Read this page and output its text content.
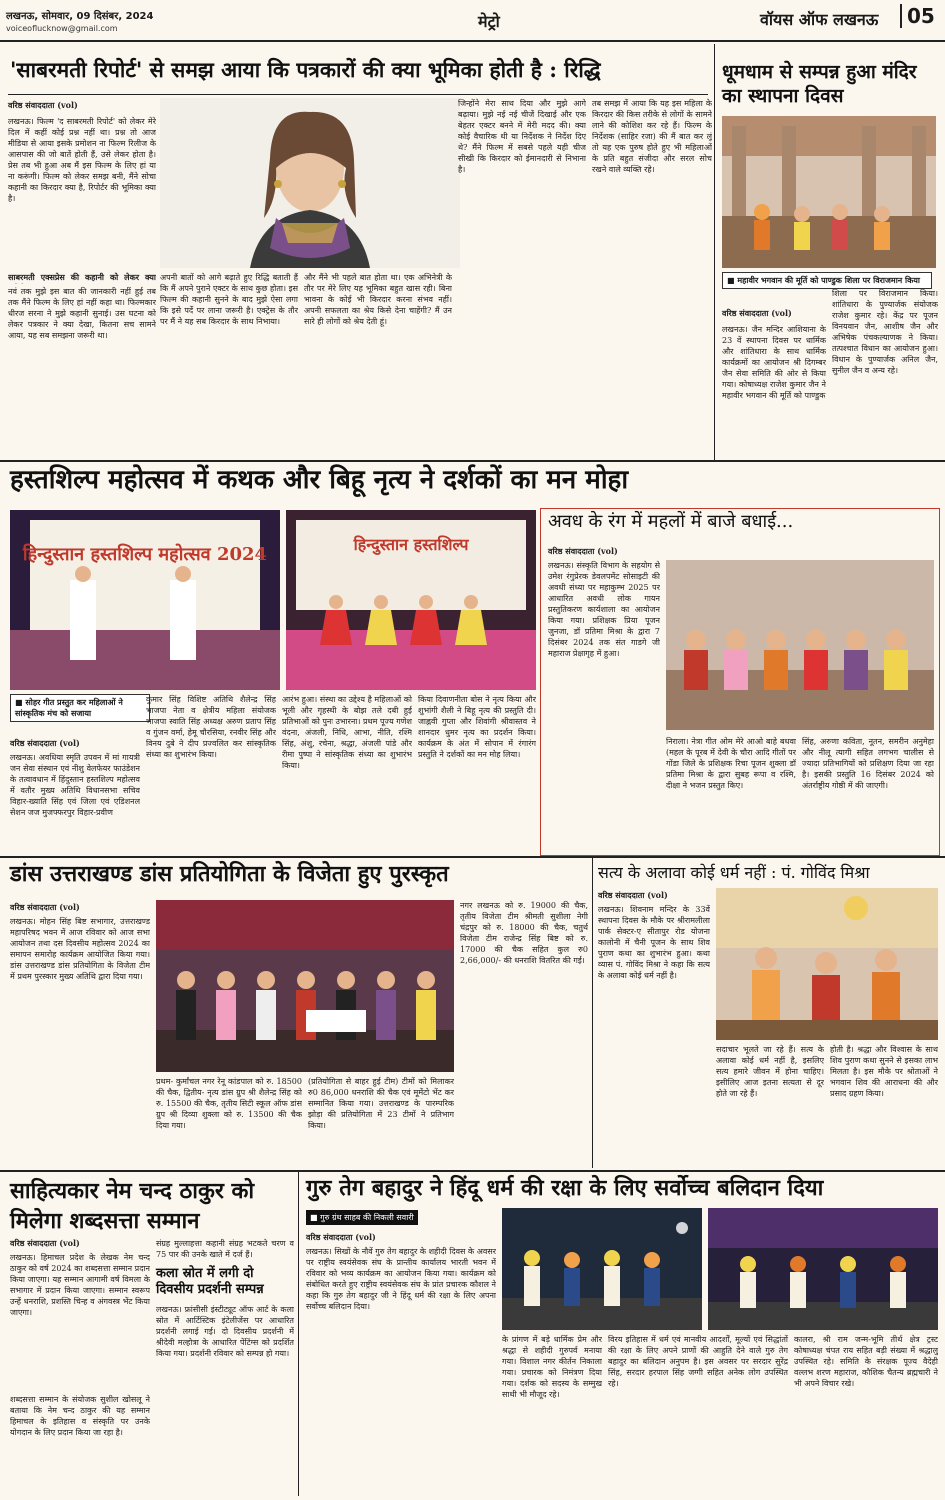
लखनऊ, सोमवार, 09 दिसंबर, 2024
voiceoflucknow@gmail.com	मेट्रो	वॉयस ऑफ लखनऊ	05
'साबरमती रिपोर्ट' से समझ आया कि पत्रकारों की क्या भूमिका होती है : रिद्धि
वरिष्ठ संवाददाता (vol)
लखनऊ। फिल्म 'द साबरमती रिपोर्ट' को लेकर मेरे दिल में कहीं कोई प्रश्न नहीं था। प्रश्न तो आज मीडिया से आया इसके प्रमोशन ना फिल्म रिलीज के आसपास की जो बातें होती हैं, उसे लेकर होता है। प्रेस तब भी हुआ अब मैं इस फिल्म के लिए हां या ना करूंगी। फिल्म को लेकर समझ बनी, मैंने सोचा कहानी का किरदार क्या है, रिपोर्टर की भूमिका क्या है।
साबरमती एक्सप्रेस की कहानी को लेकर क्या
नवं तक मुझे इस बात की जानकारी नहीं हुई तब तक मैंने फिल्म के लिए हां नहीं कहा था। फिल्मकार धीरज सरना ने मुझे कहानी सुनाई। उस घटना को लेकर पत्रकार ने क्या देखा, कितना सच सामने आया, यह सब समझना जरूरी था।
अपनी बातों को आगे बढ़ाते हुए रिद्धि बताती हैं कि मैं अपने पुराने एक्टर के साथ कुछ होता। इस फिल्म की कहानी सुनने के बाद मुझे ऐसा लगा कि इसे पर्दे पर लाना जरूरी है। एक्ट्रेस के तौर पर मैं ने यह सब किरदार के साथ निभाया।
और मैंने भी पहले बात होता था। एक अभिनेत्री के तौर पर मेरे लिए यह भूमिका बहुत खास रही। बिना भावना के कोई भी किरदार करना संभव नहीं। अपनी सफलता का श्रेय किसे देना चाहेंगी? मैं उन सारे ही लोगों को श्रेय देती हूं।
जिन्होंने मेरा साथ दिया और मुझे आगे बढ़ाया। मुझे नई नई चीजें दिखाई और एक बेहतर एक्टर बनने में मेरी मदद की। क्या कोई वैचारिक थी या निर्देशक ने निर्देश दिए थे? मैंने फिल्म में सबसे पहले यही चीज सीखी कि किरदार को ईमानदारी से निभाना है।
तब समझ में आया कि यह इस महिला के किरदार की किस तरीके से लोगों के सामने लाने की कोशिश कर रहे हैं। फिल्म के निर्देशक (साहिर रजा) की मैं बात कर लूं तो यह एक पुरुष होते हुए भी महिलाओं के प्रति बहुत संजीदा और सरल सोच रखने वाले व्यक्ति रहे।
धूमधाम से सम्पन्न हुआ मंदिर का स्थापना दिवस
■ महावीर भगवान की मूर्ति को पाण्डुक शिला पर विराजमान किया
वरिष्ठ संवाददाता (vol)
लखनऊ। जैन मन्दिर आशियाना के 23 वें स्थापना दिवस पर धार्मिक और शांतिधारा के साथ धार्मिक कार्यक्रमों का आयोजन श्री दिगम्बर जैन सेवा समिति की ओर से किया गया। कोषाध्यक्ष राजेश कुमार जैन ने महावीर भगवान की मूर्ति को पाण्डुक
शिला पर विराजमान किया। शांतिधारा के पुण्यार्जक संयोजक राजेश कुमार रहे। केंद्र पर पूजन विनयवान जैन, आशीष जैन और अभिषेक पंचकल्याणक ने किया। तत्पश्चात विधान का आयोजन हुआ। विधान के पुण्यार्जक अनिल जैन, सुनील जैन व अन्य रहे।
हस्तशिल्प महोत्सव में कथक और बिहू नृत्य ने दर्शकों का मन मोहा
हिन्दुस्तान हस्तशिल्प महोत्सव 2024	हिन्दुस्तान हस्तशिल्प
■ सोहर गीत प्रस्तुत कर महिलाओं ने सांस्कृतिक मंच को सजाया
वरिष्ठ संवाददाता (vol)
लखनऊ। अवधिया स्मृति उपवन में मां गायत्री जन सेवा संस्थान एवं नीशु वेलफेयर फाउंडेशन के तत्वावधान में हिंदुस्तान हस्तशिल्प महोत्सव में वतौर मुख्य अतिथि विधानसभा सचिव विहार-ख्याति सिंह एवं जिला एवं एडिशनल सेशन जज मुजफ्फरपुर विहार-प्रवीण
कुमार सिंह विशिष्ट अतिथि शैलेन्द्र सिंह भाजपा नेता व क्षेत्रीय महिला संयोजक भाजपा स्वाति सिंह अध्यक्ष अरुण प्रताप सिंह व गुंजन वर्मा, हेमू चौरसिया, रनवीर सिंह और विनय दुबे ने दीप प्रज्वलित कर सांस्कृतिक संध्या का शुभारंभ किया।
आरंभ हुआ। संस्था का उद्देश्य है महिलाओं को भूली और गृहस्थी के बोझ तले दबी हुई प्रतिभाओं को पुनः उभारना। प्रथम पूज्य गणेश वंदना, अंजली, निधि, आभा, नीति, रश्मि सिंह, अंशु, रचेना, श्रद्धा, अंजली पांडे और रीमा पुष्पा ने सांस्कृतिक संध्या का शुभारंभ किया।
किया दिवाणनीता बोस ने नृत्य किया और शुभांगी शैली ने बिहू नृत्य की प्रस्तुति दी। जाह्नवी गुप्ता और शिवांगी श्रीवास्तव ने शानदार धुमर नृत्य का प्रदर्शन किया। कार्यक्रम के अंत में सोपान में रंगारंग प्रस्तुति ने दर्शकों का मन मोह लिया।
अवध के रंग में महलों में बाजे बधाई...
वरिष्ठ संवाददाता (vol)
लखनऊ। संस्कृति विभाग के सहयोग से उमेश रंगुप्रेरक डेवलपमेंट सोसाइटी की अवधी संध्या पर महाकुम्भ 2025 पर आधारित अवधी लोक गायन प्रस्तुतिकरण कार्यशाला का आयोजन किया गया। प्रशिक्षक प्रिया पूजन जुनजा, डॉ प्रतिमा मिश्रा के द्वारा 7 दिसंबर 2024 तक संत गाडगे जी महाराज प्रेक्षागृह में हुआ।
निराला। नेत्रा गीत ओम मेरे आओ बाहे बधवा (महल के पूरब में देवी के चौरा आदि गीतों पर गोंडा जिले के प्रशिक्षक रिचा पूजन शुक्ला डॉ प्रतिमा मिश्रा के द्वारा सुबह रूपा व रश्मि, दीक्षा ने भजन प्रस्तुत किए।
सिंह, अरुणा कविता, नूतन, समरीन अनुमेहा और नीलू त्यागी सहित लगभग चालीस से ज्यादा प्रतिभागियों को प्रशिक्षण दिया जा रहा है। इसकी प्रस्तुति 16 दिसंबर 2024 को अंतर्राष्ट्रीय गोष्ठी में की जाएगी।
डांस उत्तराखण्ड डांस प्रतियोगिता के विजेता हुए पुरस्कृत
वरिष्ठ संवाददाता (vol)
लखनऊ। मोहन सिंह बिष्ट सभागार, उत्तराखण्ड महापरिषद भवन में आज रविवार को आज सभा आयोजन तथा दस दिवसीय महोत्सव 2024 का समापन समारोह कार्यक्रम आयोजित किया गया। डांस उत्तराखण्ड डांस प्रतियोगिता के विजेता टीम में प्रथम पुरस्कार मुख्य अतिथि द्वारा दिया गया।
प्रथम- कुर्मांचल नगर रेनू कांडपाल को रु. 18500 की चैक, द्वितीय- नृत्य डांस ग्रुप श्री शैलेन्द्र सिंह को रु. 15500 की चैक, तृतीय सिटी स्कूल ऑफ डांस ग्रुप श्री दिव्या शुक्ला को रु. 13500 की चैक दिया गया।
(प्रतियोगिता से बाहर हुई टीम) टीमों को मिलाकर रु0 86,000 धनराशि की चैक एवं मूमेंटो भेंट कर सम्मानित किया गया। उत्तराखण्ड के पारम्परिक झोड़ा की प्रतियोगिता में 23 टीमों ने प्रतिभाग किया।
नगर लखनऊ को रु. 19000 की चैक, तृतीय विजेता टीम श्रीमती सुशीला नेगी चंद्रपुर को रु. 18000 की चैक, चतुर्थ विजेता टीम राजेन्द्र सिंह बिष्ट को रु. 17000 की चैक सहित कुल रु0 2,66,000/- की धनराशि वितरित की गई।
सत्य के अलावा कोई धर्म नहीं : पं. गोविंद मिश्रा
वरिष्ठ संवाददाता (vol)
लखनऊ। शिवनाम मन्दिर के 33वें स्थापना दिवस के मौके पर श्रीरामलीला पार्क सेक्टर-ए सीतापुर रोड योजना कालोनी में चैनी पूजन के साथ शिव पुराण कथा का शुभारंभ हुआ। कथा व्यास पं. गोविंद मिश्रा ने कहा कि सत्य के अलावा कोई धर्म नहीं है।
सदाचार भूलते जा रहे हैं। सत्य के अलावा कोई धर्म नहीं है, इसलिए सत्य हमारे जीवन में होना चाहिए। इसीलिए आज इतना सत्यता से दूर होते जा रहे हैं।
होती है। श्रद्धा और विश्वास के साथ शिव पुराण कथा सुनने से इसका लाभ मिलता है। इस मौके पर श्रोताओं ने भगवान शिव की आराधना की और प्रसाद ग्रहण किया।
साहित्यकार नेम चन्द ठाकुर को मिलेगा शब्दसत्ता सम्मान
वरिष्ठ संवाददाता (vol)
लखनऊ। हिमाचल प्रदेश के लेखक नेम चन्द ठाकुर को वर्ष 2024 का शब्दसत्ता सम्मान प्रदान किया जाएगा। यह सम्मान आगामी वर्ष विमला के सभागार में प्रदान किया जाएगा। सम्मान स्वरूप उन्हें धनराशि, प्रशस्ति चिन्ह व अंगवस्त्र भेंट किया जाएगा।
शब्दसत्ता सम्मान के संयोजक सुशील खोसलू ने बताया कि नेम चन्द ठाकुर की यह सम्मान हिमाचल के इतिहास व संस्कृति पर उनके योगदान के लिए प्रदान किया जा रहा है।
संग्रह मुल्लाहत्ता कहानी संग्रह भटकते चरण व 75 पार की उनके खाते में दर्ज हैं।
कला स्रोत में लगी दो दिवसीय प्रदर्शनी सम्पन्न
लखनऊ। फ्रांसीसी इंस्टीट्यूट ऑफ आर्ट के कला स्रोत में आर्टिस्टिक इंटेलीजेंस पर आधारित प्रदर्शनी लगाई गई। दो दिवसीय प्रदर्शनी में श्रीदेवी मल्होत्रा के आधारित पेंटिंग्स को प्रदर्शित किया गया। प्रदर्शनी रविवार को सम्पन्न हो गया।
गुरु तेग बहादुर ने हिंदू धर्म की रक्षा के लिए सर्वोच्च बलिदान दिया
■ गुरु ग्रंथ साहब की निकली सवारी
वरिष्ठ संवाददाता (vol)
लखनऊ। सिखों के नौवें गुरु तेग बहादुर के शहीदी दिवस के अवसर पर राष्ट्रीय स्वयंसेवक संघ के प्रान्तीय कार्यालय भारती भवन में रविवार को भव्य कार्यक्रम का आयोजन किया गया। कार्यक्रम को संबोधित करते हुए राष्ट्रीय स्वयंसेवक संघ के प्रांत प्रचारक कौशल ने कहा कि गुरु तेग बहादुर जी ने हिंदू धर्म की रक्षा के लिए अपना सर्वोच्च बलिदान दिया।
के प्रांगण में बड़े धार्मिक प्रेम और श्रद्धा से शहीदी गुरुपर्व मनाया गया। विशाल नगर कीर्तन निकाला गया। प्रचारक को निमंत्रण दिया गया। दर्शक को सदस्य के सम्मुख साथी भी मौजूद रहे।
विरय इतिहास में धर्म एवं मानवीय आदर्शों, मूल्यों एवं सिद्धांतों की रक्षा के लिए अपने प्राणों की आहुति देने वाले गुरु तेग बहादुर का बलिदान अनुपम है। इस अवसर पर सरदार सुरेंद्र सिंह, सरदार हरपाल सिंह जग्गी सहित अनेक लोग उपस्थित रहे।
कालरा, श्री राम जन्म-भूमि तीर्थ क्षेत्र ट्रस्ट कोषाध्यक्ष चंपत राय सहित बड़ी संख्या में श्रद्धालु उपस्थित रहे। समिति के संरक्षक पूज्य वैदेही वल्लभ शरण महाराज, कौशिक चैतन्य ब्रह्मचारी ने भी अपने विचार रखे।
